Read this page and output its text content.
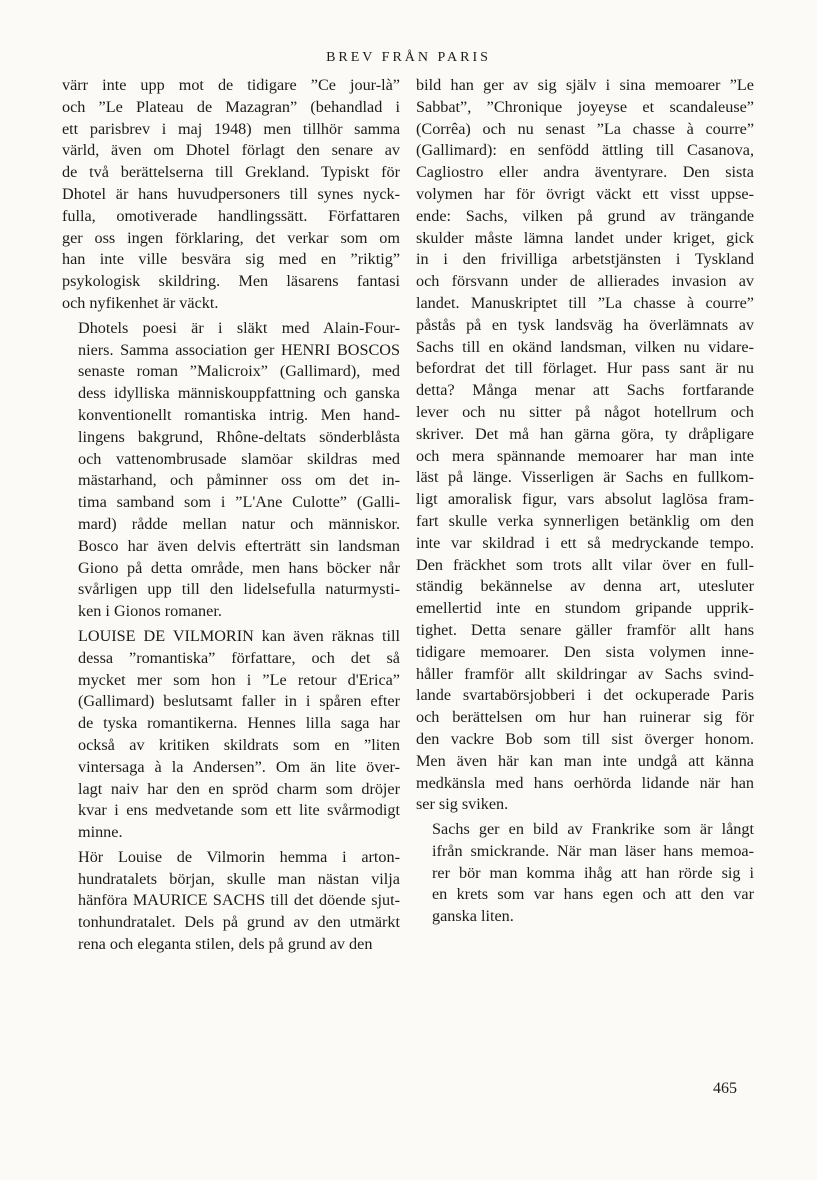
BREV FRÅN PARIS

värr inte upp mot de tidigare ”Ce jour-là”
och ”Le Plateau de Mazagran” (behandlad i
ett parisbrev i maj 1948) men tillhör samma
värld, även om Dhotel förlagt den senare av
de två berättelserna till Grekland. Typiskt för
Dhotel är hans huvudpersoners till synes nyck-
fulla, omotiverade handlingssätt. Författaren
ger oss ingen förklaring, det verkar som om
han inte ville besvära sig med en ”riktig”
psykologisk skildring. Men läsarens fantasi
och nyfikenhet är väckt.

Dhotels poesi är i släkt med Alain-Four-
niers. Samma association ger HENRI BOSCOS
senaste roman ”Malicroix” (Gallimard), med
dess idylliska människouppfattning och ganska
konventionellt romantiska intrig. Men hand-
lingens bakgrund, Rhône-deltats sönderblåsta
och vattenombrusade slamöar skildras med
mästarhand, och påminner oss om det in-
tima samband som i ”L'Ane Culotte” (Galli-
mard) rådde mellan natur och människor.
Bosco har även delvis efterträtt sin landsman
Giono på detta område, men hans böcker når
svårligen upp till den lidelsefulla naturmysti-
ken i Gionos romaner.

LOUISE DE VILMORIN kan även räknas till
dessa ”romantiska” författare, och det så
mycket mer som hon i ”Le retour d'Erica”
(Gallimard) beslutsamt faller in i spåren efter
de tyska romantikerna. Hennes lilla saga har
också av kritiken skildrats som en ”liten
vintersaga à la Andersen”. Om än lite över-
lagt naiv har den en spröd charm som dröjer
kvar i ens medvetande som ett lite svårmodigt
minne.

Hör Louise de Vilmorin hemma i arton-
hundratalets början, skulle man nästan vilja
hänföra MAURICE SACHS till det döende sjut-
tonhundratalet. Dels på grund av den utmärkt
rena och eleganta stilen, dels på grund av den

bild han ger av sig själv i sina memoarer ”Le
Sabbat”, ”Chronique joyeyse et scandaleuse”
(Corrêa) och nu senast ”La chasse à courre”
(Gallimard): en senfödd ättling till Casanova,
Cagliostro eller andra äventyrare. Den sista
volymen har för övrigt väckt ett visst uppse-
ende: Sachs, vilken på grund av trängande
skulder måste lämna landet under kriget, gick
in i den frivilliga arbetstjänsten i Tyskland
och försvann under de allierades invasion av
landet. Manuskriptet till ”La chasse à courre”
påstås på en tysk landsväg ha överlämnats av
Sachs till en okänd landsman, vilken nu vidare-
befordrat det till förlaget. Hur pass sant är nu
detta? Många menar att Sachs fortfarande
lever och nu sitter på något hotellrum och
skriver. Det må han gärna göra, ty dråpligare
och mera spännande memoarer har man inte
läst på länge. Visserligen är Sachs en fullkom-
ligt amoralisk figur, vars absolut laglösa fram-
fart skulle verka synnerligen betänklig om den
inte var skildrad i ett så medryckande tempo.
Den fräckhet som trots allt vilar över en full-
ständig bekännelse av denna art, utesluter
emellertid inte en stundom gripande upprik-
tighet. Detta senare gäller framför allt hans
tidigare memoarer. Den sista volymen inne-
håller framför allt skildringar av Sachs svind-
lande svartabörsjobberi i det ockuperade Paris
och berättelsen om hur han ruinerar sig för
den vackre Bob som till sist överger honom.
Men även här kan man inte undgå att känna
medkänsla med hans oerhörda lidande när han
ser sig sviken.

Sachs ger en bild av Frankrike som är långt
ifrån smickrande. När man läser hans memoa-
rer bör man komma ihåg att han rörde sig i
en krets som var hans egen och att den var
ganska liten.

465
